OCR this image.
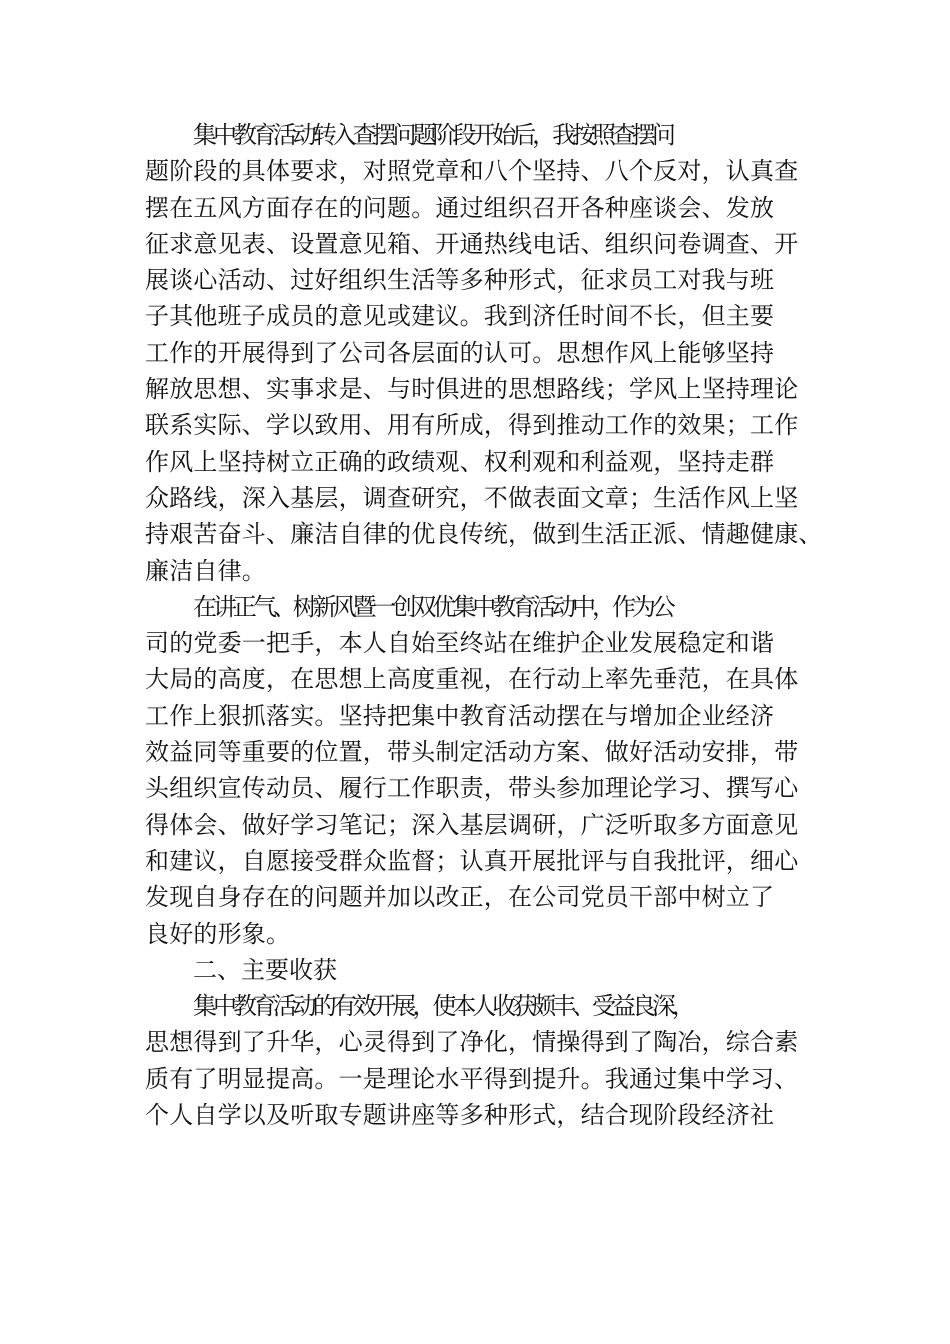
集中教育活动转入查摆问题阶段开始后，我按照查摆问
题阶段的具体要求，对照党章和八个坚持、八个反对，认真查
摆在五风方面存在的问题。通过组织召开各种座谈会、发放
征求意见表、设置意见箱、开通热线电话、组织问卷调查、开
展谈心活动、过好组织生活等多种形式，征求员工对我与班
子其他班子成员的意见或建议。我到济任时间不长，但主要
工作的开展得到了公司各层面的认可。思想作风上能够坚持
解放思想、实事求是、与时俱进的思想路线；学风上坚持理论
联系实际、学以致用、用有所成，得到推动工作的效果；工作
作风上坚持树立正确的政绩观、权利观和利益观，坚持走群
众路线，深入基层，调查研究，不做表面文章；生活作风上坚
持艰苦奋斗、廉洁自律的优良传统，做到生活正派、情趣健康、
廉洁自律。

在讲正气、树新风暨一创双优集中教育活动中，作为公
司的党委一把手，本人自始至终站在维护企业发展稳定和谐
大局的高度，在思想上高度重视，在行动上率先垂范，在具体
工作上狠抓落实。坚持把集中教育活动摆在与增加企业经济
效益同等重要的位置，带头制定活动方案、做好活动安排，带
头组织宣传动员、履行工作职责，带头参加理论学习、撰写心
得体会、做好学习笔记；深入基层调研，广泛听取多方面意见
和建议，自愿接受群众监督；认真开展批评与自我批评，细心
发现自身存在的问题并加以改正，在公司党员干部中树立了
良好的形象。

二、主要收获

集中教育活动的有效开展，使本人收获颇丰、受益良深，
思想得到了升华，心灵得到了净化，情操得到了陶冶，综合素
质有了明显提高。一是理论水平得到提升。我通过集中学习、
个人自学以及听取专题讲座等多种形式，结合现阶段经济社
